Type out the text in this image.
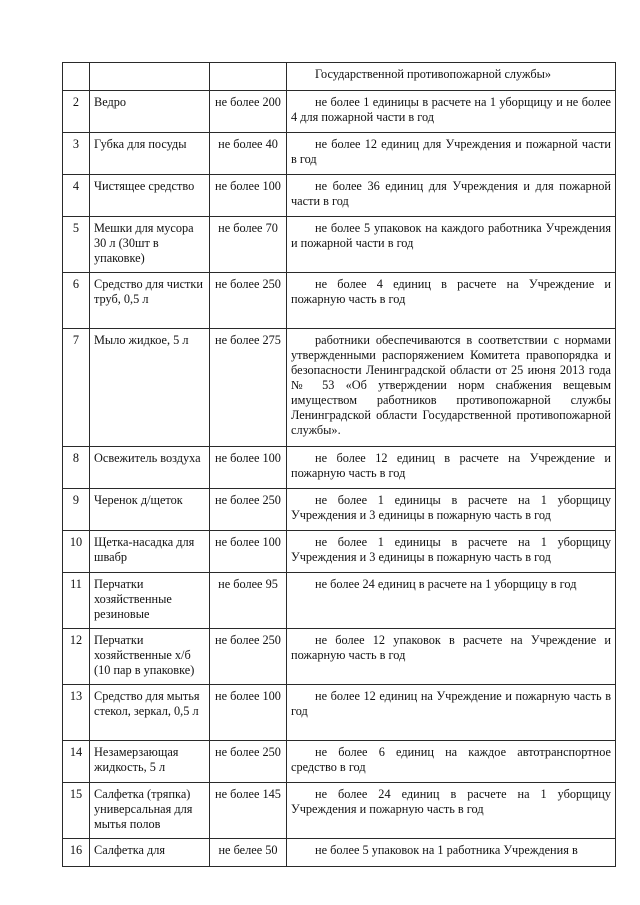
			Государственной противопожарной службы»
2	Ведро	не более 200	не более 1 единицы в расчете на 1 уборщицу и не более 4 для пожарной части в год
3	Губка для посуды	не более 40	не более 12 единиц для Учреждения и пожарной части в год
4	Чистящее средство	не более 100	не более 36 единиц для Учреждения и для пожарной части в год
5	Мешки для мусора 30 л (30шт в упаковке)	не более 70	не более 5 упаковок на каждого работника Учреждения и пожарной части в год
6	Средство для чистки труб, 0,5 л	не более 250	не более 4 единиц в расчете на Учреждение и пожарную часть в год
7	Мыло жидкое, 5 л	не более 275	работники обеспечиваются в соответствии с нормами утвержденными распоряжением Комитета правопорядка и безопасности Ленинградской области от 25 июня 2013 года № 53 «Об утверждении норм снабжения вещевым имуществом работников противопожарной службы Ленинградской области Государственной противопожарной службы».
8	Освежитель воздуха	не более 100	не более 12 единиц в расчете на Учреждение и пожарную часть в год
9	Черенок д/щеток	не более 250	не более 1 единицы в расчете на 1 уборщицу Учреждения и 3 единицы в пожарную часть в год
10	Щетка-насадка для швабр	не более 100	не более 1 единицы в расчете на 1 уборщицу Учреждения и 3 единицы в пожарную часть в год
11	Перчатки хозяйственные резиновые	не более 95	не более 24 единиц в расчете на 1 уборщицу в год
12	Перчатки хозяйственные х/б (10 пар в упаковке)	не более 250	не более 12 упаковок в расчете на Учреждение и пожарную часть в год
13	Средство для мытья стекол, зеркал, 0,5 л	не более 100	не более 12 единиц на Учреждение и пожарную часть в год
14	Незамерзающая жидкость, 5 л	не более 250	не более 6 единиц на каждое автотранспортное средство в год
15	Салфетка (тряпка) универсальная для мытья полов	не более 145	не более 24 единиц в расчете на 1 уборщицу Учреждения и пожарную часть в год
16	Салфетка для	не белее 50	не более 5 упаковок на 1 работника Учреждения в
